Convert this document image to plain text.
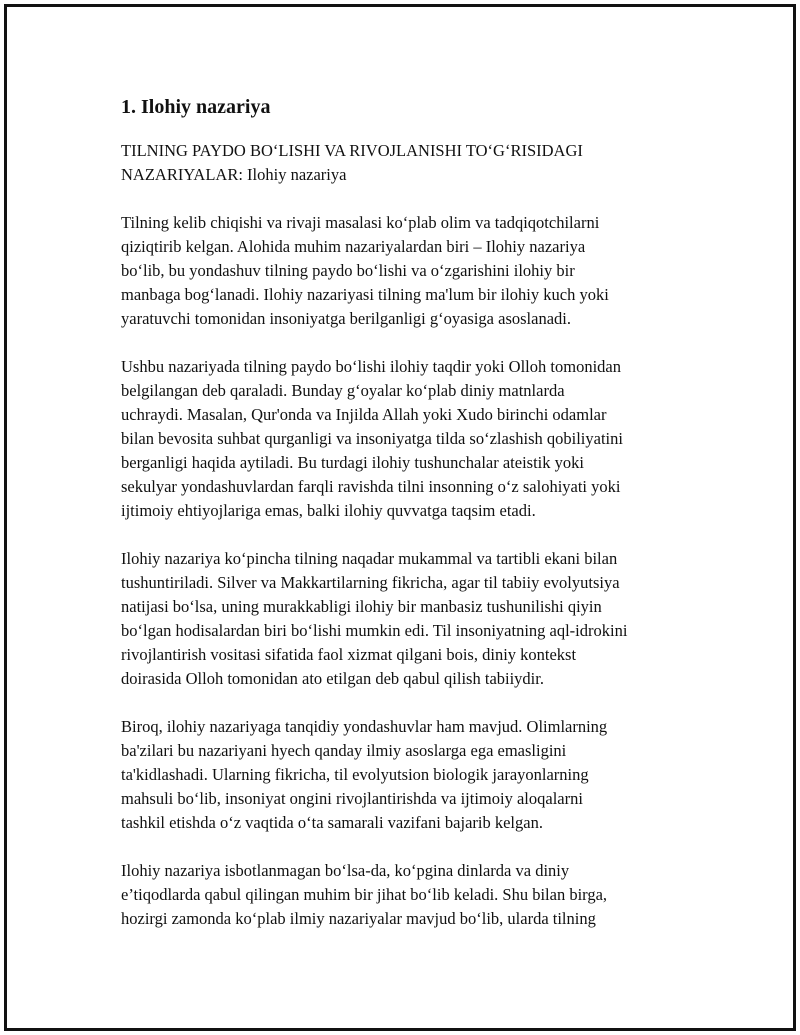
1. Ilohiy nazariya
TILNING PAYDO BOʻLISHI VA RIVOJLANISHI TOʻGʻRISIDAGI
NAZARIYALAR: Ilohiy nazariya
Tilning kelib chiqishi va rivaji masalasi koʻplab olim va tadqiqotchilarni
qiziqtirib kelgan. Alohida muhim nazariyalardan biri – Ilohiy nazariya
boʻlib, bu yondashuv tilning paydo boʻlishi va oʻzgarishini ilohiy bir
manbaga bogʻlanadi. Ilohiy nazariyasi tilning ma'lum bir ilohiy kuch yoki
yaratuvchi tomonidan insoniyatga berilganligi gʻoyasiga asoslanadi.
Ushbu nazariyada tilning paydo boʻlishi ilohiy taqdir yoki Olloh tomonidan
belgilangan deb qaraladi. Bunday gʻoyalar koʻplab diniy matnlarda
uchraydi. Masalan, Qur'onda va Injilda Allah yoki Xudo birinchi odamlar
bilan bevosita suhbat qurganligi va insoniyatga tilda soʻzlashish qobiliyatini
berganligi haqida aytiladi. Bu turdagi ilohiy tushunchalar ateistik yoki
sekulyar yondashuvlardan farqli ravishda tilni insonning oʻz salohiyati yoki
ijtimoiy ehtiyojlariga emas, balki ilohiy quvvatga taqsim etadi.
Ilohiy nazariya koʻpincha tilning naqadar mukammal va tartibli ekani bilan
tushuntiriladi. Silver va Makkartilarning fikricha, agar til tabiiy evolyutsiya
natijasi boʻlsa, uning murakkabligi ilohiy bir manbasiz tushunilishi qiyin
boʻlgan hodisalardan biri boʻlishi mumkin edi. Til insoniyatning aql-idrokini
rivojlantirish vositasi sifatida faol xizmat qilgani bois, diniy kontekst
doirasida Olloh tomonidan ato etilgan deb qabul qilish tabiiydir.
Biroq, ilohiy nazariyaga tanqidiy yondashuvlar ham mavjud. Olimlarning
ba'zilari bu nazariyani hyech qanday ilmiy asoslarga ega emasligini
ta'kidlashadi. Ularning fikricha, til evolyutsion biologik jarayonlarning
mahsuli boʻlib, insoniyat ongini rivojlantirishda va ijtimoiy aloqalarni
tashkil etishda oʻz vaqtida oʻta samarali vazifani bajarib kelgan.
Ilohiy nazariya isbotlanmagan boʻlsa-da, koʻpgina dinlarda va diniy
e’tiqodlarda qabul qilingan muhim bir jihat boʻlib keladi. Shu bilan birga,
hozirgi zamonda koʻplab ilmiy nazariyalar mavjud boʻlib, ularda tilning
